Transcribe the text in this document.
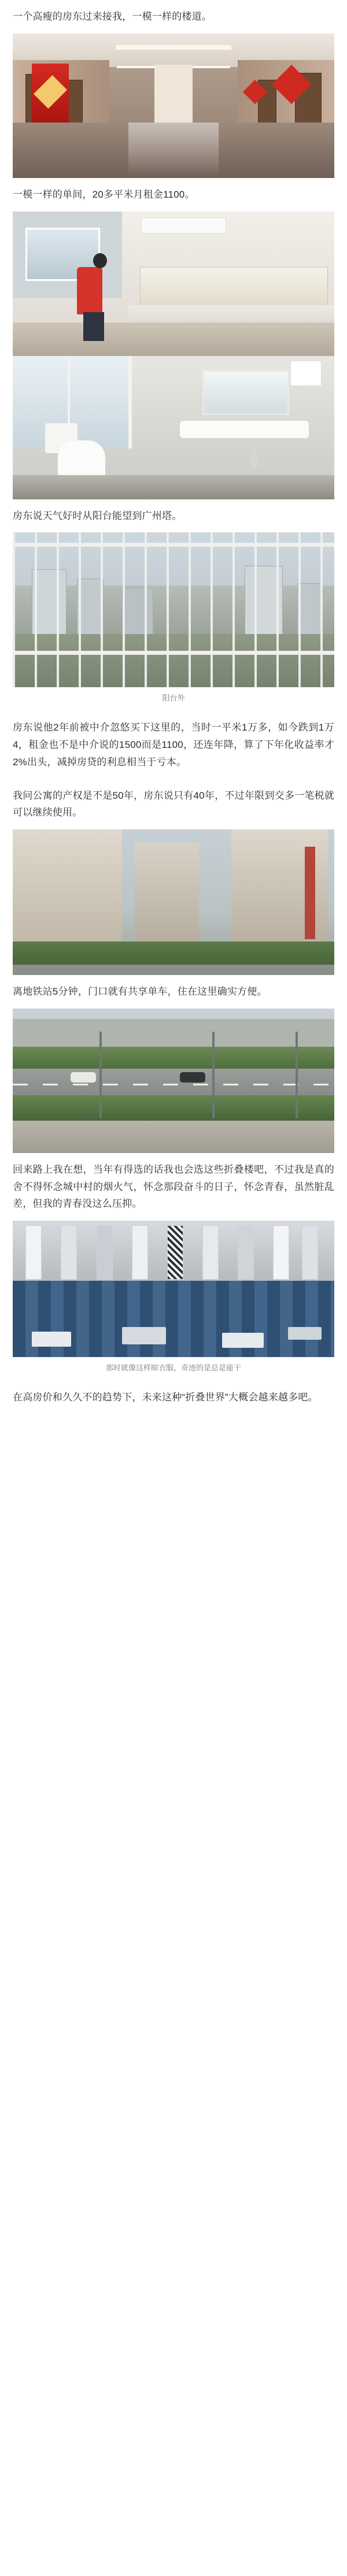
一个高瘦的房东过来接我，一模一样的楼道。

一模一样的单间，20多平米月租金1100。

房东说天气好时从阳台能望到广州塔。

阳台外

房东说他2年前被中介忽悠买下这里的，当时一平米1万多，如今跌到1万4，租金也不是中介说的1500而是1100，还连年降，算了下年化收益率才2%出头，减掉房贷的利息相当于亏本。

我问公寓的产权是不是50年，房东说只有40年，不过年限到交多一笔税就可以继续使用。

离地铁站5分钟，门口就有共享单车，住在这里确实方便。

回来路上我在想，当年有得选的话我也会选这些折叠楼吧，不过我是真的舍不得怀念城中村的烟火气，怀念那段奋斗的日子，怀念青春，虽然脏乱差，但我的青春没这么压抑。

那时就像这样晾衣服，奇迹的是总是能干

在高房价和久久不的趋势下，未来这种“折叠世界”大概会越来越多吧。
